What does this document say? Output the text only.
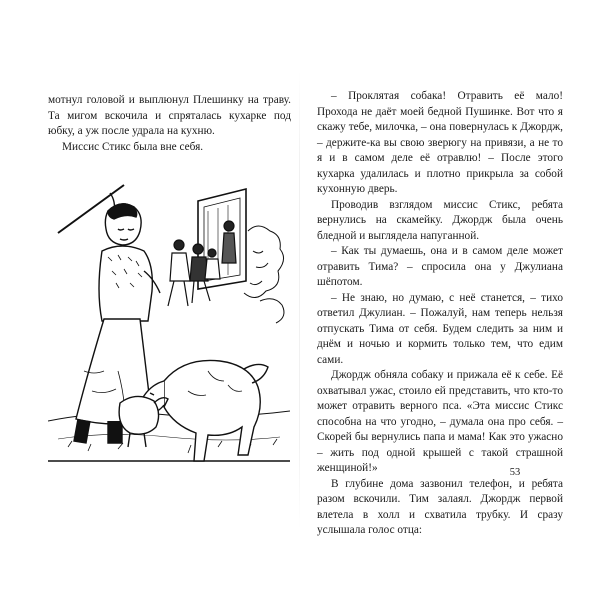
мотнул головой и выплюнул Плешинку на траву. Та мигом вскочила и спряталась кухарке под юбку, а уж после удрала на кухню.

Миссис Стикс была вне себя.

– Проклятая собака! Отравить её мало! Прохода не даёт моей бедной Пушинке. Вот что я скажу тебе, милочка, – она повернулась к Джордж, – держите-ка вы свою зверюгу на привязи, а не то я и в самом деле её отравлю! – После этого кухарка удалилась и плотно прикрыла за собой кухонную дверь.

Проводив взглядом миссис Стикс, ребята вернулись на скамейку. Джордж была очень бледной и выглядела напуганной.

– Как ты думаешь, она и в самом деле может отравить Тима? – спросила она у Джулиана шёпотом.

– Не знаю, но думаю, с неё станется, – тихо ответил Джулиан. – Пожалуй, нам теперь нельзя отпускать Тима от себя. Будем следить за ним и днём и ночью и кормить только тем, что едим сами.

Джордж обняла собаку и прижала её к себе. Её охватывал ужас, стоило ей представить, что кто-то может отравить верного пса. «Эта миссис Стикс способна на что угодно, – думала она про себя. – Скорей бы вернулись папа и мама! Как это ужасно – жить под одной крышей с такой страшной женщиной!»

В глубине дома зазвонил телефон, и ребята разом вскочили. Тим залаял. Джордж первой влетела в холл и схватила трубку. И сразу услышала голос отца:

53
